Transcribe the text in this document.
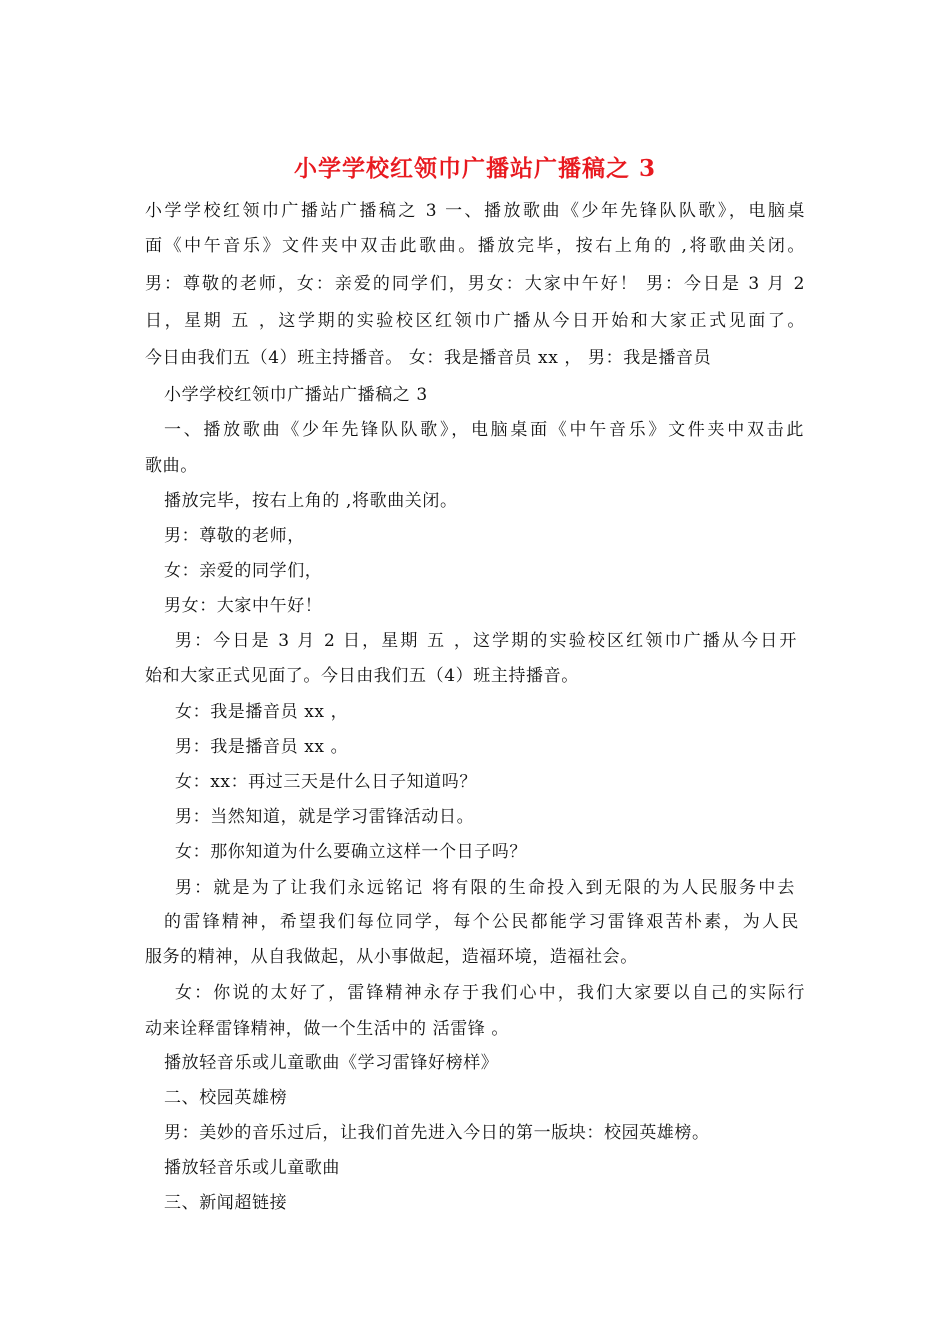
小学学校红领巾广播站广播稿之 3
小学学校红领巾广播站广播稿之 3 一、播放歌曲《少年先锋队队歌》，电脑桌
面《中午音乐》文件夹中双击此歌曲。播放完毕，按右上角的 ,将歌曲关闭。
男：尊敬的老师，女：亲爱的同学们，男女：大家中午好！ 男：今日是 3 月 2
日，星期 五 ，这学期的实验校区红领巾广播从今日开始和大家正式见面了。
今日由我们五（4）班主持播音。 女：我是播音员 xx ， 男：我是播音员
小学学校红领巾广播站广播稿之 3
一、播放歌曲《少年先锋队队歌》，电脑桌面《中午音乐》文件夹中双击此
歌曲。
播放完毕，按右上角的 ,将歌曲关闭。
男：尊敬的老师，
女：亲爱的同学们，
男女：大家中午好！
男：今日是 3 月 2 日，星期 五 ，这学期的实验校区红领巾广播从今日开
始和大家正式见面了。今日由我们五（4）班主持播音。
女：我是播音员 xx ，
男：我是播音员 xx 。
女：xx：再过三天是什么日子知道吗？
男：当然知道，就是学习雷锋活动日。
女：那你知道为什么要确立这样一个日子吗？
男：就是为了让我们永远铭记 将有限的生命投入到无限的为人民服务中去
的雷锋精神，希望我们每位同学，每个公民都能学习雷锋艰苦朴素，为人民
服务的精神，从自我做起，从小事做起，造福环境，造福社会。
女：你说的太好了，雷锋精神永存于我们心中，我们大家要以自己的实际行
动来诠释雷锋精神，做一个生活中的 活雷锋 。
播放轻音乐或儿童歌曲《学习雷锋好榜样》
二、校园英雄榜
男：美妙的音乐过后，让我们首先进入今日的第一版块：校园英雄榜。
播放轻音乐或儿童歌曲
三、新闻超链接
